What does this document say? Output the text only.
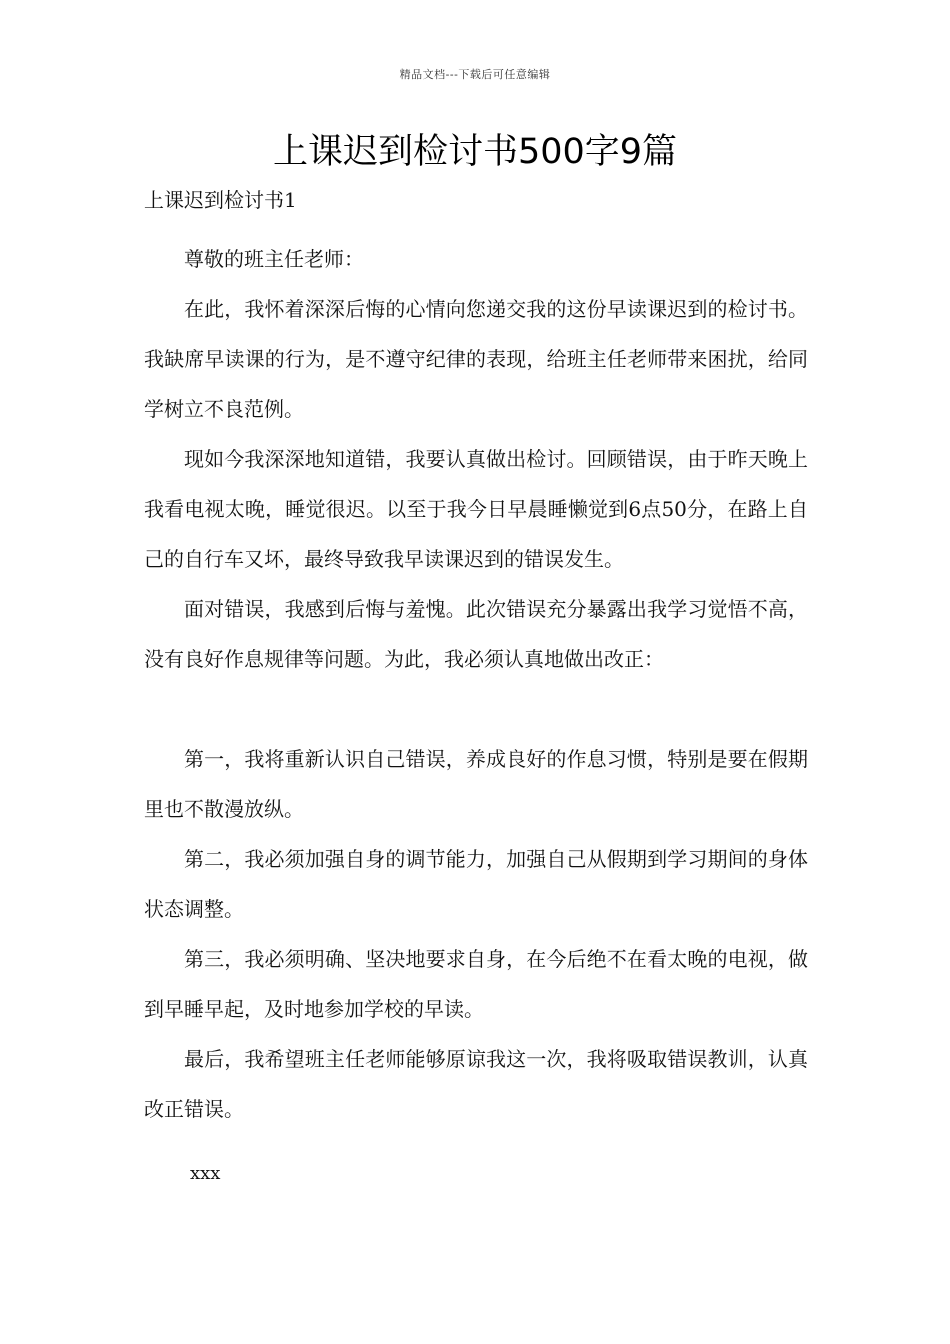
精品文档---下载后可任意编辑
上课迟到检讨书500字9篇
上课迟到检讨书1

尊敬的班主任老师：

在此，我怀着深深后悔的心情向您递交我的这份早读课迟到的检讨书。我缺席早读课的行为，是不遵守纪律的表现，给班主任老师带来困扰，给同学树立不良范例。

现如今我深深地知道错，我要认真做出检讨。回顾错误，由于昨天晚上我看电视太晚，睡觉很迟。以至于我今日早晨睡懒觉到6点50分，在路上自己的自行车又坏，最终导致我早读课迟到的错误发生。

面对错误，我感到后悔与羞愧。此次错误充分暴露出我学习觉悟不高，没有良好作息规律等问题。为此，我必须认真地做出改正：

第一，我将重新认识自己错误，养成良好的作息习惯，特别是要在假期里也不散漫放纵。

第二，我必须加强自身的调节能力，加强自己从假期到学习期间的身体状态调整。

第三，我必须明确、坚决地要求自身，在今后绝不在看太晚的电视，做到早睡早起，及时地参加学校的早读。

最后，我希望班主任老师能够原谅我这一次，我将吸取错误教训，认真改正错误。

xxx
